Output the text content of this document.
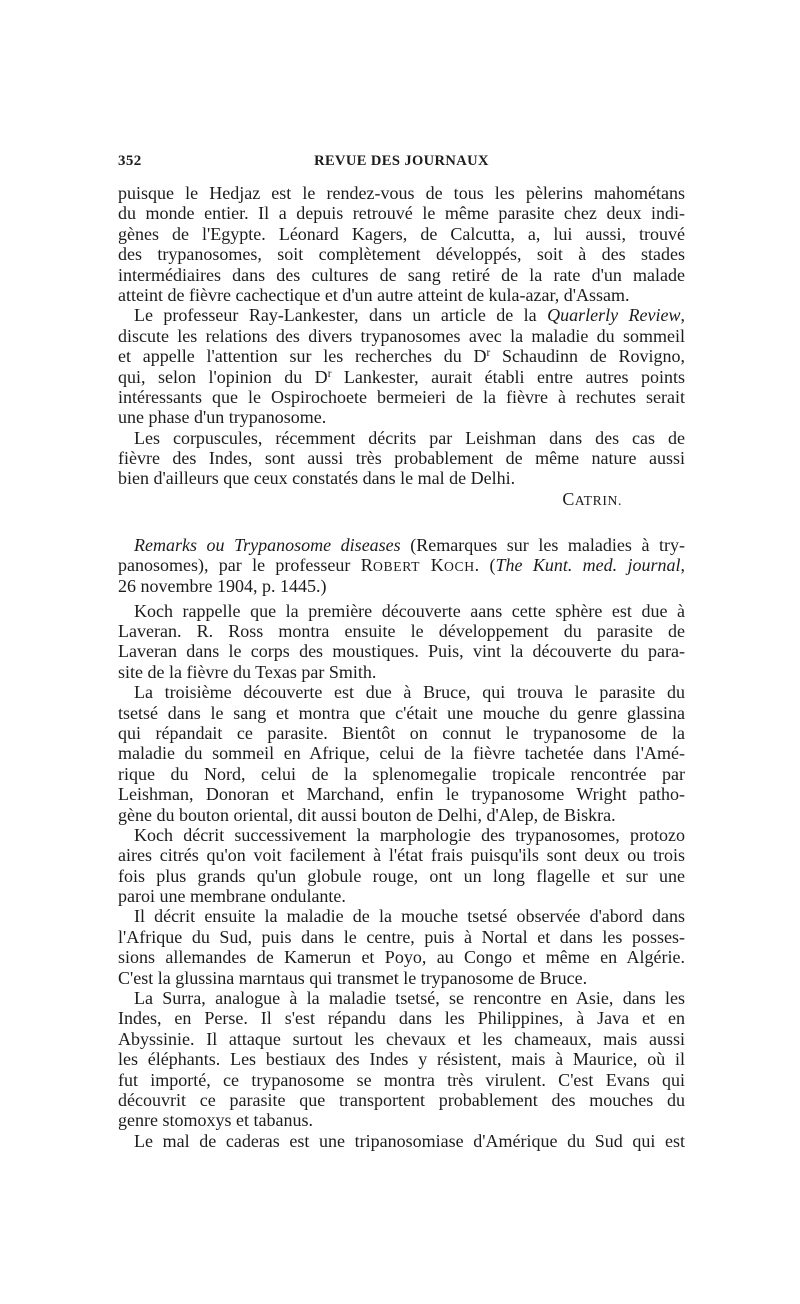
352	REVUE DES JOURNAUX
puisque le Hedjaz est le rendez-vous de tous les pèlerins mahométans
du monde entier. Il a depuis retrouvé le même parasite chez deux indi-
gènes de l'Egypte. Léonard Kagers, de Calcutta, a, lui aussi, trouvé
des trypanosomes, soit complètement développés, soit à des stades
intermédiaires dans des cultures de sang retiré de la rate d'un malade
atteint de fièvre cachectique et d'un autre atteint de kula-azar, d'Assam.
Le professeur Ray-Lankester, dans un article de la Quarlerly Review,
discute les relations des divers trypanosomes avec la maladie du sommeil
et appelle l'attention sur les recherches du $D^r$ Schaudinn de Rovigno,
qui, selon l'opinion du $D^r$ Lankester, aurait établi entre autres points
intéressants que le Ospirochoete bermeieri de la fièvre à rechutes serait
une phase d'un trypanosome.
Les corpuscules, récemment décrits par Leishman dans des cas de
fièvre des Indes, sont aussi très probablement de même nature aussi
bien d'ailleurs que ceux constatés dans le mal de Delhi.
CATRIN.
Remarks ou Trypanosome diseases (Remarques sur les maladies à try-
panosomes), par le professeur ROBERT KOCH. (The Kunt. med. journal,
26 novembre 1904, p. 1445.)
Koch rappelle que la première découverte aans cette sphère est due à
Laveran. R. Ross montra ensuite le développement du parasite de
Laveran dans le corps des moustiques. Puis, vint la découverte du para-
site de la fièvre du Texas par Smith.
La troisième découverte est due à Bruce, qui trouva le parasite du
tsetsé dans le sang et montra que c'était une mouche du genre glassina
qui répandait ce parasite. Bientôt on connut le trypanosome de la
maladie du sommeil en Afrique, celui de la fièvre tachetée dans l'Amé-
rique du Nord, celui de la splenomegalie tropicale rencontrée par
Leishman, Donoran et Marchand, enfin le trypanosome Wright patho-
gène du bouton oriental, dit aussi bouton de Delhi, d'Alep, de Biskra.
Koch décrit successivement la marphologie des trypanosomes, protozo
aires citrés qu'on voit facilement à l'état frais puisqu'ils sont deux ou trois
fois plus grands qu'un globule rouge, ont un long flagelle et sur une
paroi une membrane ondulante.
Il décrit ensuite la maladie de la mouche tsetsé observée d'abord dans
l'Afrique du Sud, puis dans le centre, puis à Nortal et dans les posses-
sions allemandes de Kamerun et Poyo, au Congo et même en Algérie.
C'est la glussina marntaus qui transmet le trypanosome de Bruce.
La Surra, analogue à la maladie tsetsé, se rencontre en Asie, dans les
Indes, en Perse. Il s'est répandu dans les Philippines, à Java et en
Abyssinie. Il attaque surtout les chevaux et les chameaux, mais aussi
les éléphants. Les bestiaux des Indes y résistent, mais à Maurice, où il
fut importé, ce trypanosome se montra très virulent. C'est Evans qui
découvrit ce parasite que transportent probablement des mouches du
genre stomoxys et tabanus.
Le mal de caderas est une tripanosomiase d'Amérique du Sud qui est
